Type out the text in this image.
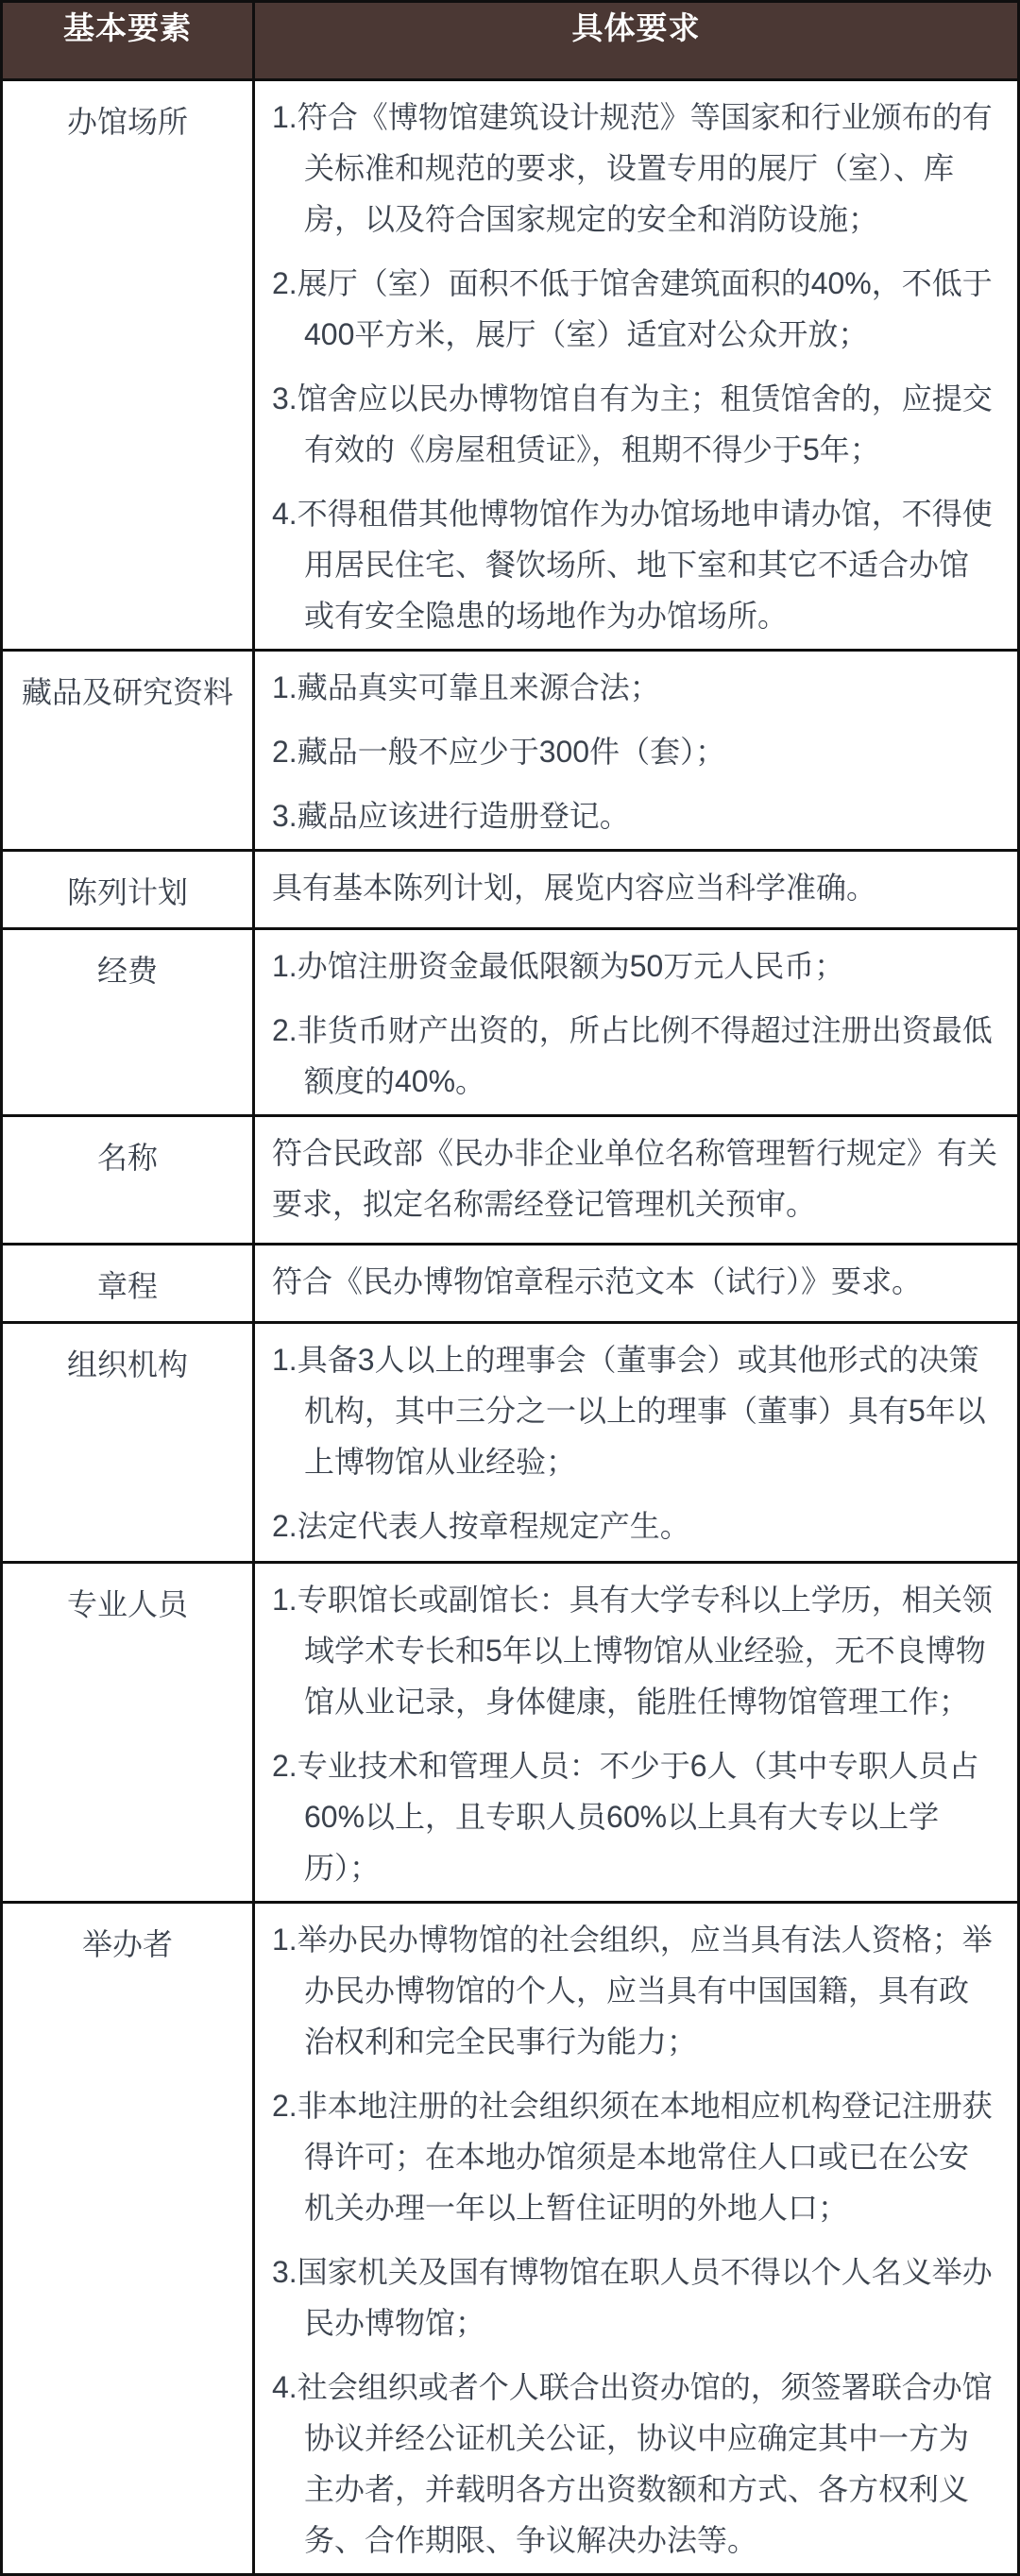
基本要素	具体要求
办馆场所	1.符合《博物馆建筑设计规范》等国家和行业颁布的有关标准和规范的要求，设置专用的展厅（室）、库房，以及符合国家规定的安全和消防设施；

2.展厅（室）面积不低于馆舍建筑面积的40%，不低于400平方米，展厅（室）适宜对公众开放；

3.馆舍应以民办博物馆自有为主；租赁馆舍的，应提交有效的《房屋租赁证》，租期不得少于5年；

4.不得租借其他博物馆作为办馆场地申请办馆，不得使用居民住宅、餐饮场所、地下室和其它不适合办馆或有安全隐患的场地作为办馆场所。

藏品及研究资料	1.藏品真实可靠且来源合法；

2.藏品一般不应少于300件（套）；

3.藏品应该进行造册登记。

陈列计划	具有基本陈列计划，展览内容应当科学准确。

经费	1.办馆注册资金最低限额为50万元人民币；

2.非货币财产出资的，所占比例不得超过注册出资最低额度的40%。

名称	符合民政部《民办非企业单位名称管理暂行规定》有关要求，拟定名称需经登记管理机关预审。

章程	符合《民办博物馆章程示范文本（试行）》要求。

组织机构	1.具备3人以上的理事会（董事会）或其他形式的决策机构，其中三分之一以上的理事（董事）具有5年以上博物馆从业经验；

2.法定代表人按章程规定产生。

专业人员	1.专职馆长或副馆长：具有大学专科以上学历，相关领域学术专长和5年以上博物馆从业经验，无不良博物馆从业记录，身体健康，能胜任博物馆管理工作；

2.专业技术和管理人员：不少于6人（其中专职人员占60%以上，且专职人员60%以上具有大专以上学历）；

举办者	1.举办民办博物馆的社会组织，应当具有法人资格；举办民办博物馆的个人，应当具有中国国籍，具有政治权利和完全民事行为能力；

2.非本地注册的社会组织须在本地相应机构登记注册获得许可；在本地办馆须是本地常住人口或已在公安机关办理一年以上暂住证明的外地人口；

3.国家机关及国有博物馆在职人员不得以个人名义举办民办博物馆；

4.社会组织或者个人联合出资办馆的，须签署联合办馆协议并经公证机关公证，协议中应确定其中一方为主办者，并载明各方出资数额和方式、各方权利义务、合作期限、争议解决办法等。
